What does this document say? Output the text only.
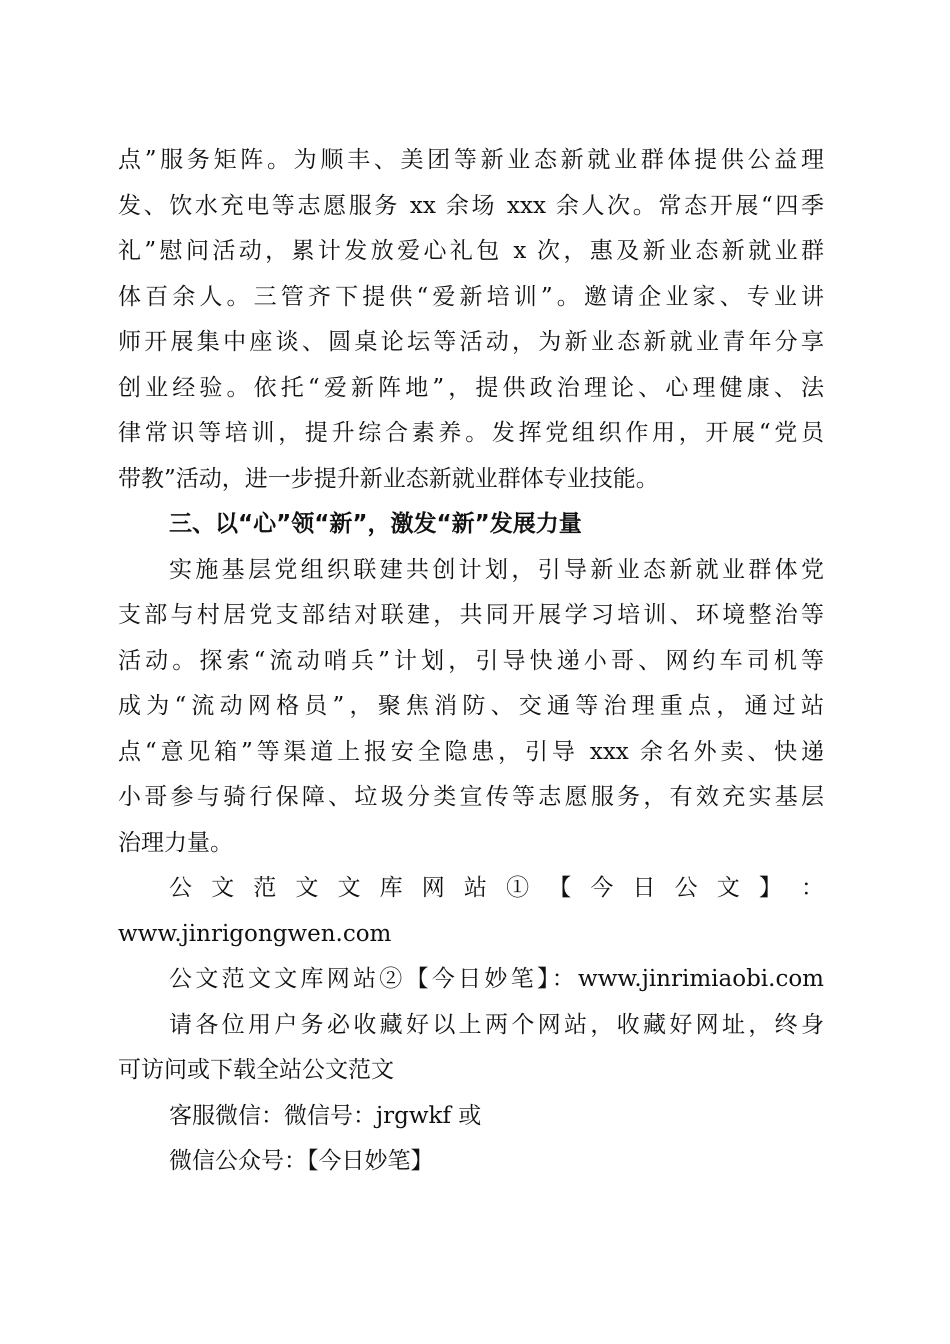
点”服务矩阵。为顺丰、美团等新业态新就业群体提供公益理
发、饮水充电等志愿服务 xx 余场 xxx 余人次。常态开展“四季
礼”慰问活动，累计发放爱心礼包 x 次，惠及新业态新就业群
体百余人。三管齐下提供“爱新培训”。邀请企业家、专业讲
师开展集中座谈、圆桌论坛等活动，为新业态新就业青年分享
创业经验。依托“爱新阵地”，提供政治理论、心理健康、法
律常识等培训，提升综合素养。发挥党组织作用，开展“党员
带教”活动，进一步提升新业态新就业群体专业技能。
三、以“心”领“新”，激发“新”发展力量
实施基层党组织联建共创计划，引导新业态新就业群体党
支部与村居党支部结对联建，共同开展学习培训、环境整治等
活动。探索“流动哨兵”计划，引导快递小哥、网约车司机等
成为“流动网格员”，聚焦消防、交通等治理重点，通过站
点“意见箱”等渠道上报安全隐患，引导 xxx 余名外卖、快递
小哥参与骑行保障、垃圾分类宣传等志愿服务，有效充实基层
治理力量。
公 文 范 文 文 库 网 站 ① 【 今 日 公 文 】 ：
www.jinrigongwen.com
公文范文文库网站②【今日妙笔】：www.jinrimiaobi.com
请各位用户务必收藏好以上两个网站，收藏好网址，终身
可访问或下载全站公文范文
客服微信：微信号：jrgwkf 或
微信公众号：【今日妙笔】
